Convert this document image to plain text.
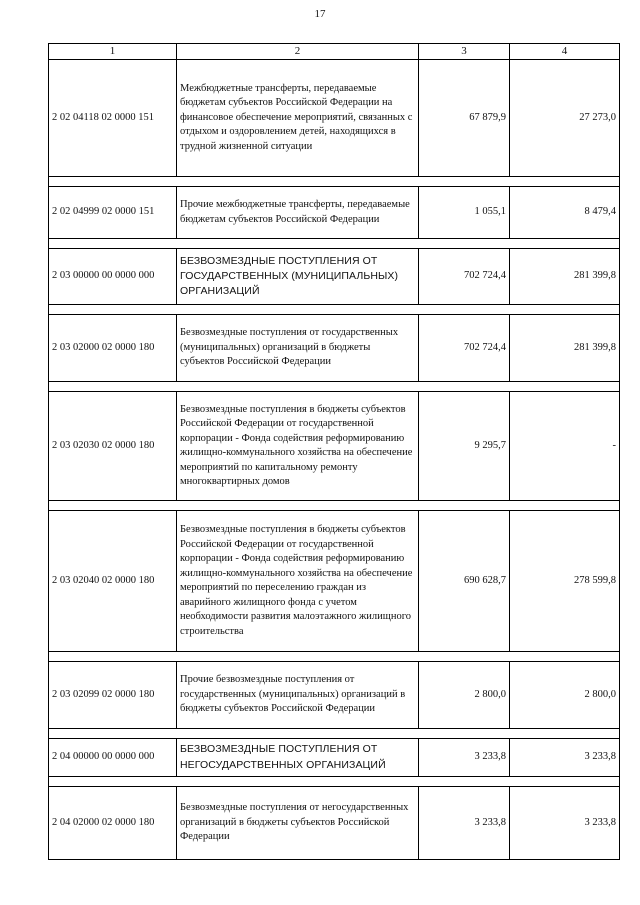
17
1	2	3	4
2 02 04118 02 0000 151	Межбюджетные трансферты, передаваемые бюджетам субъектов Российской Федерации на финансовое обеспечение мероприятий, связанных с отдыхом и оздоровлением детей, находящихся в трудной жизненной ситуации	67 879,9	27 273,0

2 02 04999 02 0000 151	Прочие межбюджетные трансферты, передаваемые бюджетам субъектов Российской Федерации	1 055,1	8 479,4

2 03 00000 00 0000 000	БЕЗВОЗМЕЗДНЫЕ ПОСТУПЛЕНИЯ ОТ ГОСУДАРСТВЕННЫХ (МУНИЦИПАЛЬНЫХ) ОРГАНИЗАЦИЙ	702 724,4	281 399,8

2 03 02000 02 0000 180	Безвозмездные поступления от государственных (муниципальных) организаций в бюджеты субъектов Российской Федерации	702 724,4	281 399,8

2 03 02030 02 0000 180	Безвозмездные поступления в бюджеты субъектов Российской Федерации от государственной корпорации - Фонда содействия реформированию жилищно-коммунального хозяйства на обеспечение мероприятий по капитальному ремонту многоквартирных домов	9 295,7	-

2 03 02040 02 0000 180	Безвозмездные поступления в бюджеты субъектов Российской Федерации от государственной корпорации - Фонда содействия реформированию жилищно-коммунального хозяйства на обеспечение мероприятий по переселению граждан из аварийного жилищного фонда с учетом необходимости развития малоэтажного жилищного строительства	690 628,7	278 599,8

2 03 02099 02 0000 180	Прочие безвозмездные поступления от государственных (муниципальных) организаций в бюджеты субъектов Российской Федерации	2 800,0	2 800,0

2 04 00000 00 0000 000	БЕЗВОЗМЕЗДНЫЕ ПОСТУПЛЕНИЯ ОТ НЕГОСУДАРСТВЕННЫХ ОРГАНИЗАЦИЙ	3 233,8	3 233,8

2 04 02000 02 0000 180	Безвозмездные поступления от негосударственных организаций в бюджеты субъектов Российской Федерации	3 233,8	3 233,8
